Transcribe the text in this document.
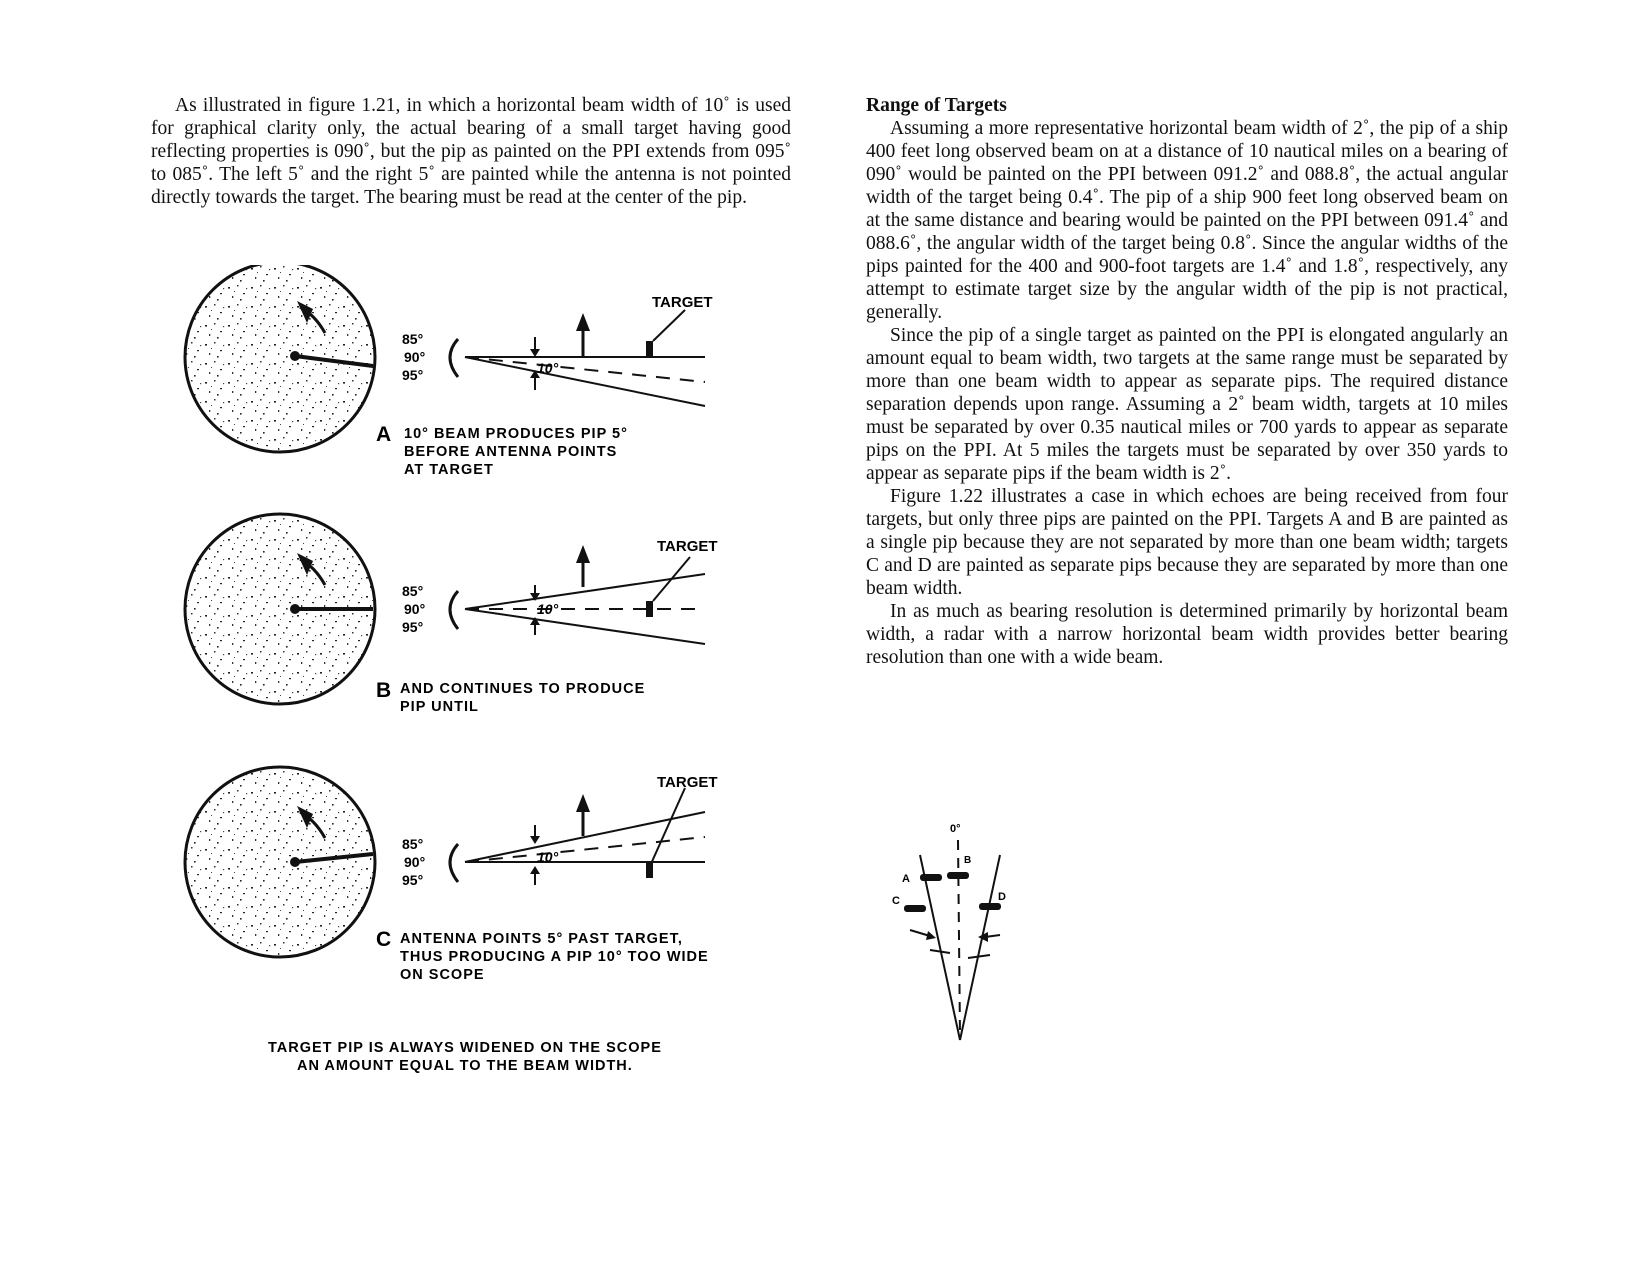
As illustrated in figure 1.21, in which a horizontal beam width of 10˚ is used for graphical clarity only, the actual bearing of a small target having good reflecting properties is 090˚, but the pip as painted on the PPI extends from 095˚ to 085˚. The left 5˚ and the right 5˚ are painted while the antenna is not pointed directly towards the target. The bearing must be read at the center of the pip.

Range of Targets

Assuming a more representative horizontal beam width of 2˚, the pip of a ship 400 feet long observed beam on at a distance of 10 nautical miles on a bearing of 090˚ would be painted on the PPI between 091.2˚ and 088.8˚, the actual angular width of the target being 0.4˚. The pip of a ship 900 feet long observed beam on at the same distance and bearing would be painted on the PPI between 091.4˚ and 088.6˚, the angular width of the target being 0.8˚. Since the angular widths of the pips painted for the 400 and 900-foot targets are 1.4˚ and 1.8˚, respectively, any attempt to estimate target size by the angular width of the pip is not practical, generally.

Since the pip of a single target as painted on the PPI is elongated angularly an amount equal to beam width, two targets at the same range must be separated by more than one beam width to appear as separate pips. The required distance separation depends upon range. Assuming a 2˚ beam width, targets at 10 miles must be separated by over 0.35 nautical miles or 700 yards to appear as separate pips on the PPI. At 5 miles the targets must be separated by over 350 yards to appear as separate pips if the beam width is 2˚.

Figure 1.22 illustrates a case in which echoes are being received from four targets, but only three pips are painted on the PPI. Targets A and B are painted as a single pip because they are not separated by more than one beam width; targets C and D are painted as separate pips because they are separated by more than one beam width.

In as much as bearing resolution is determined primarily by horizontal beam width, a radar with a narrow horizontal beam width provides better bearing resolution than one with a wide beam.

85°
90°
95°	10°
TARGET
A 10° BEAM PRODUCES PIP 5°
BEFORE ANTENNA POINTS
AT TARGET
85°
90°
95°
10°
TARGET
B AND CONTINUES TO PRODUCE
PIP UNTIL
85°
90°
95°
10°
TARGET
C ANTENNA POINTS 5° PAST TARGET,
THUS PRODUCING A PIP 10° TOO WIDE
ON SCOPE
TARGET PIP IS ALWAYS WIDENED ON THE SCOPE
AN AMOUNT EQUAL TO THE BEAM WIDTH.
0°
A
B
C	D
